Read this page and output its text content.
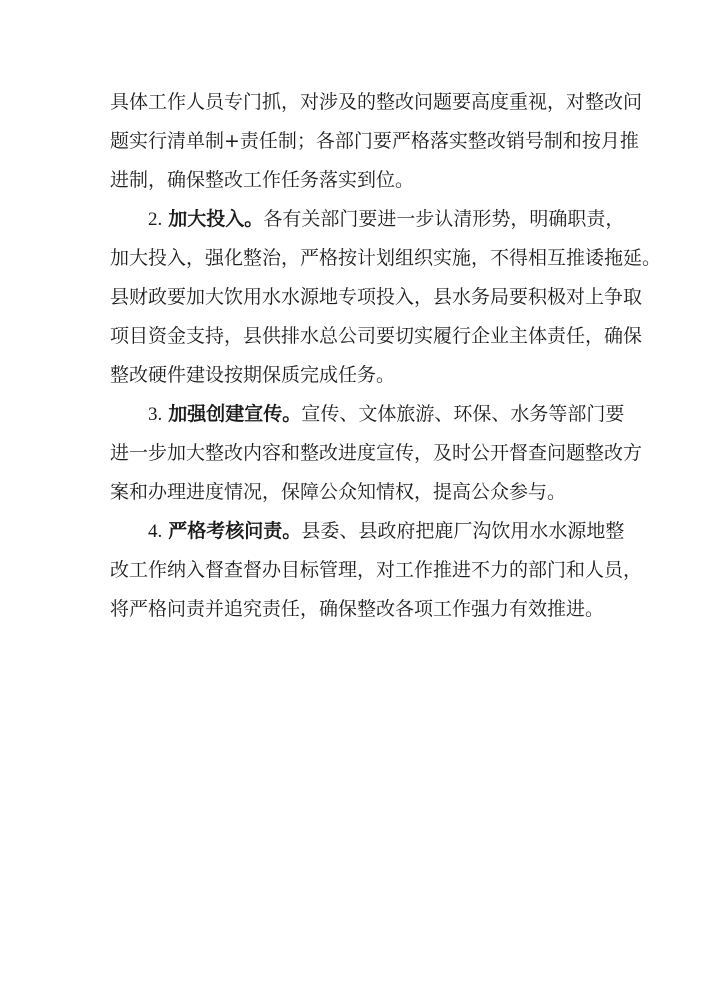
具体工作人员专门抓，对涉及的整改问题要高度重视，对整改问
题实行清单制+责任制；各部门要严格落实整改销号制和按月推
进制，确保整改工作任务落实到位。
2. 加大投入。各有关部门要进一步认清形势，明确职责，
加大投入，强化整治，严格按计划组织实施，不得相互推诿拖延。
县财政要加大饮用水水源地专项投入，县水务局要积极对上争取
项目资金支持，县供排水总公司要切实履行企业主体责任，确保
整改硬件建设按期保质完成任务。
3. 加强创建宣传。宣传、文体旅游、环保、水务等部门要
进一步加大整改内容和整改进度宣传，及时公开督查问题整改方
案和办理进度情况，保障公众知情权，提高公众参与。
4. 严格考核问责。县委、县政府把鹿厂沟饮用水水源地整
改工作纳入督查督办目标管理，对工作推进不力的部门和人员，
将严格问责并追究责任，确保整改各项工作强力有效推进。
